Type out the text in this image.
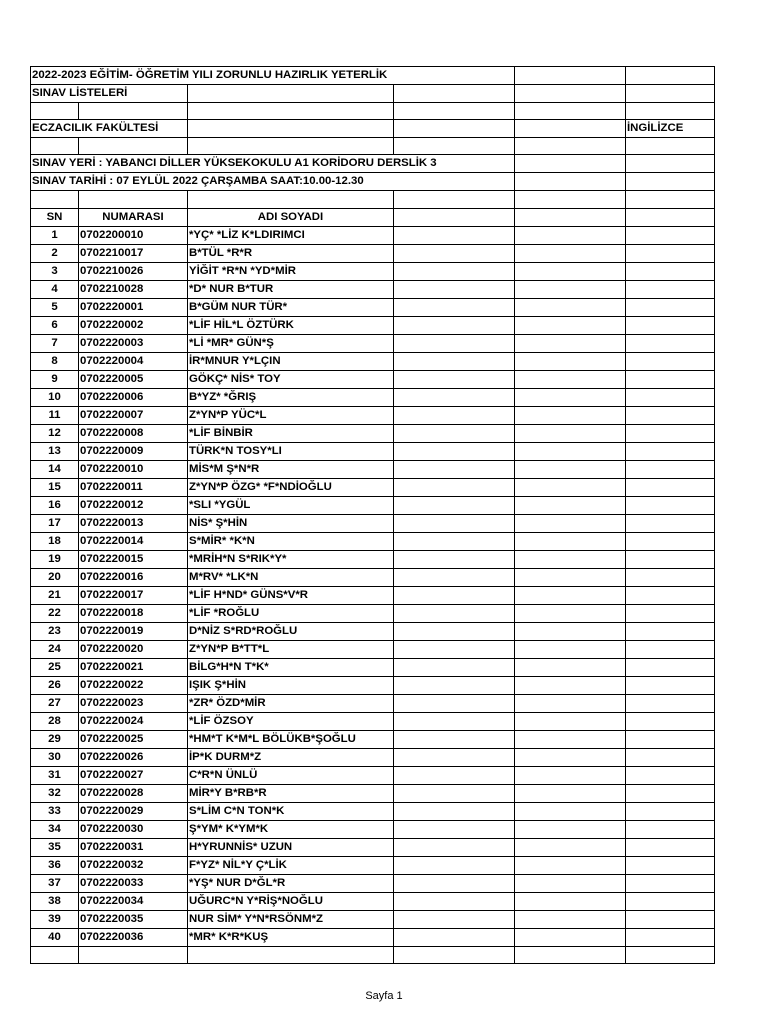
2022-2023 EĞİTİM- ÖĞRETİM YILI ZORUNLU HAZIRLIK YETERLİK					
SINAV LİSTELERİ					

ECZACILIK FAKÜLTESİ					İNGİLİZCE

SINAV YERİ : YABANCI DİLLER YÜKSEKOKULU A1 KORİDORU DERSLİK 3					
SINAV TARİHİ : 07 EYLÜL 2022 ÇARŞAMBA SAAT:10.00-12.30					

SN	NUMARASI	ADI SOYADI			
1	0702200010	*YÇ* *LİZ K*LDIRIMCI			
2	0702210017	B*TÜL *R*R			
3	0702210026	YİĞİT *R*N *YD*MİR			
4	0702210028	*D* NUR B*TUR			
5	0702220001	B*GÜM NUR TÜR*			
6	0702220002	*LİF HİL*L ÖZTÜRK			
7	0702220003	*Lİ *MR* GÜN*Ş			
8	0702220004	İR*MNUR Y*LÇIN			
9	0702220005	GÖKÇ* NİS* TOY			
10	0702220006	B*YZ* *ĞRIŞ			
11	0702220007	Z*YN*P YÜC*L			
12	0702220008	*LİF BİNBİR			
13	0702220009	TÜRK*N TOSY*LI			
14	0702220010	MİS*M Ş*N*R			
15	0702220011	Z*YN*P ÖZG* *F*NDİOĞLU			
16	0702220012	*SLI *YGÜL			
17	0702220013	NİS* Ş*HİN			
18	0702220014	S*MİR* *K*N			
19	0702220015	*MRİH*N S*RIK*Y*			
20	0702220016	M*RV* *LK*N			
21	0702220017	*LİF H*ND* GÜNS*V*R			
22	0702220018	*LİF *ROĞLU			
23	0702220019	D*NİZ S*RD*ROĞLU			
24	0702220020	Z*YN*P B*TT*L			
25	0702220021	BİLG*H*N T*K*			
26	0702220022	IŞIK Ş*HİN			
27	0702220023	*ZR* ÖZD*MİR			
28	0702220024	*LİF ÖZSOY			
29	0702220025	*HM*T K*M*L BÖLÜKB*ŞOĞLU			
30	0702220026	İP*K DURM*Z			
31	0702220027	C*R*N ÜNLÜ			
32	0702220028	MİR*Y B*RB*R			
33	0702220029	S*LİM C*N TON*K			
34	0702220030	Ş*YM* K*YM*K			
35	0702220031	H*YRUNNİS* UZUN			
36	0702220032	F*YZ* NİL*Y Ç*LİK			
37	0702220033	*YŞ* NUR D*ĞL*R			
38	0702220034	UĞURC*N Y*RİŞ*NOĞLU			
39	0702220035	NUR SİM* Y*N*RSÖNM*Z			
40	0702220036	*MR* K*R*KUŞ			

Sayfa 1
